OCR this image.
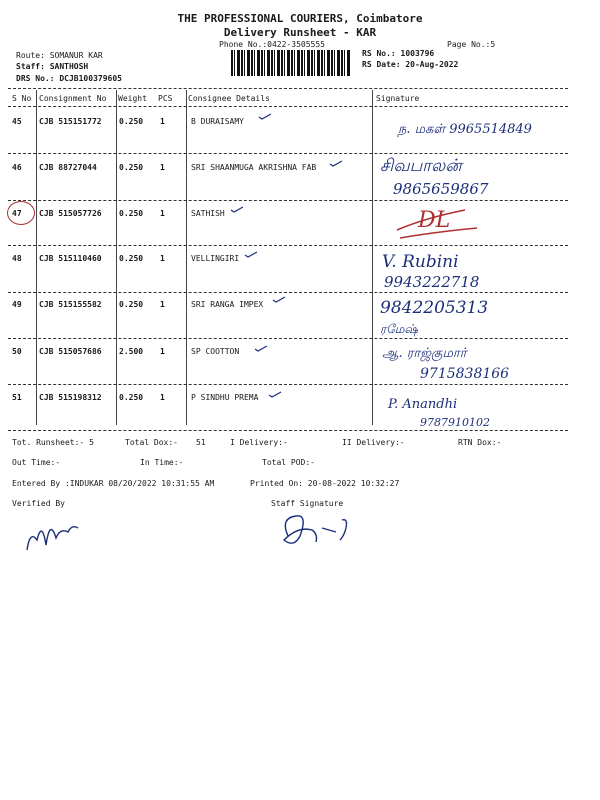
THE PROFESSIONAL COURIERS, Coimbatore
Delivery Runsheet - KAR
Phone No.:0422-3505555	Page No.:5
Route: SOMANUR KAR
Staff: SANTHOSH
DRS No.: DCJB100379605
RS No.: 1003796
RS Date: 20-Aug-2022
S No Consignment No Weight PCS Consignee Details	Signature
45 CJB 515151772 0.250 1	B DURAISAMY
ந. மகள் 9965514849
46 CJB 88727044	0.250 1	SRI SHAANMUGA AKRISHNA FAB	சிவபாலன்
9865659867
47 CJB 515057726 0.250 1	SATHISH	DL
48 CJB 515110460 0.250 1	VELLINGIRI	V. Rubini
9943222718
49 CJB 515155582 0.250 1	SRI RANGA IMPEX	9842205313
ரமேஷ்
50 CJB 515057686 2.500 1	SP COOTTON	ஆ. ராஜ்குமார்
9715838166
51 CJB 515198312 0.250 1	P SINDHU PREMA	P. Anandhi
9787910102
Tot. Runsheet:- 5	Total Dox:- 51	I Delivery:-	II Delivery:-	RTN Dox:-
Out Time:-	In Time:-	Total POD:-
Entered By :INDUKAR 08/20/2022 10:31:55 AM	Printed On: 20-08-2022 10:32:27
Verified By	Staff Signature
